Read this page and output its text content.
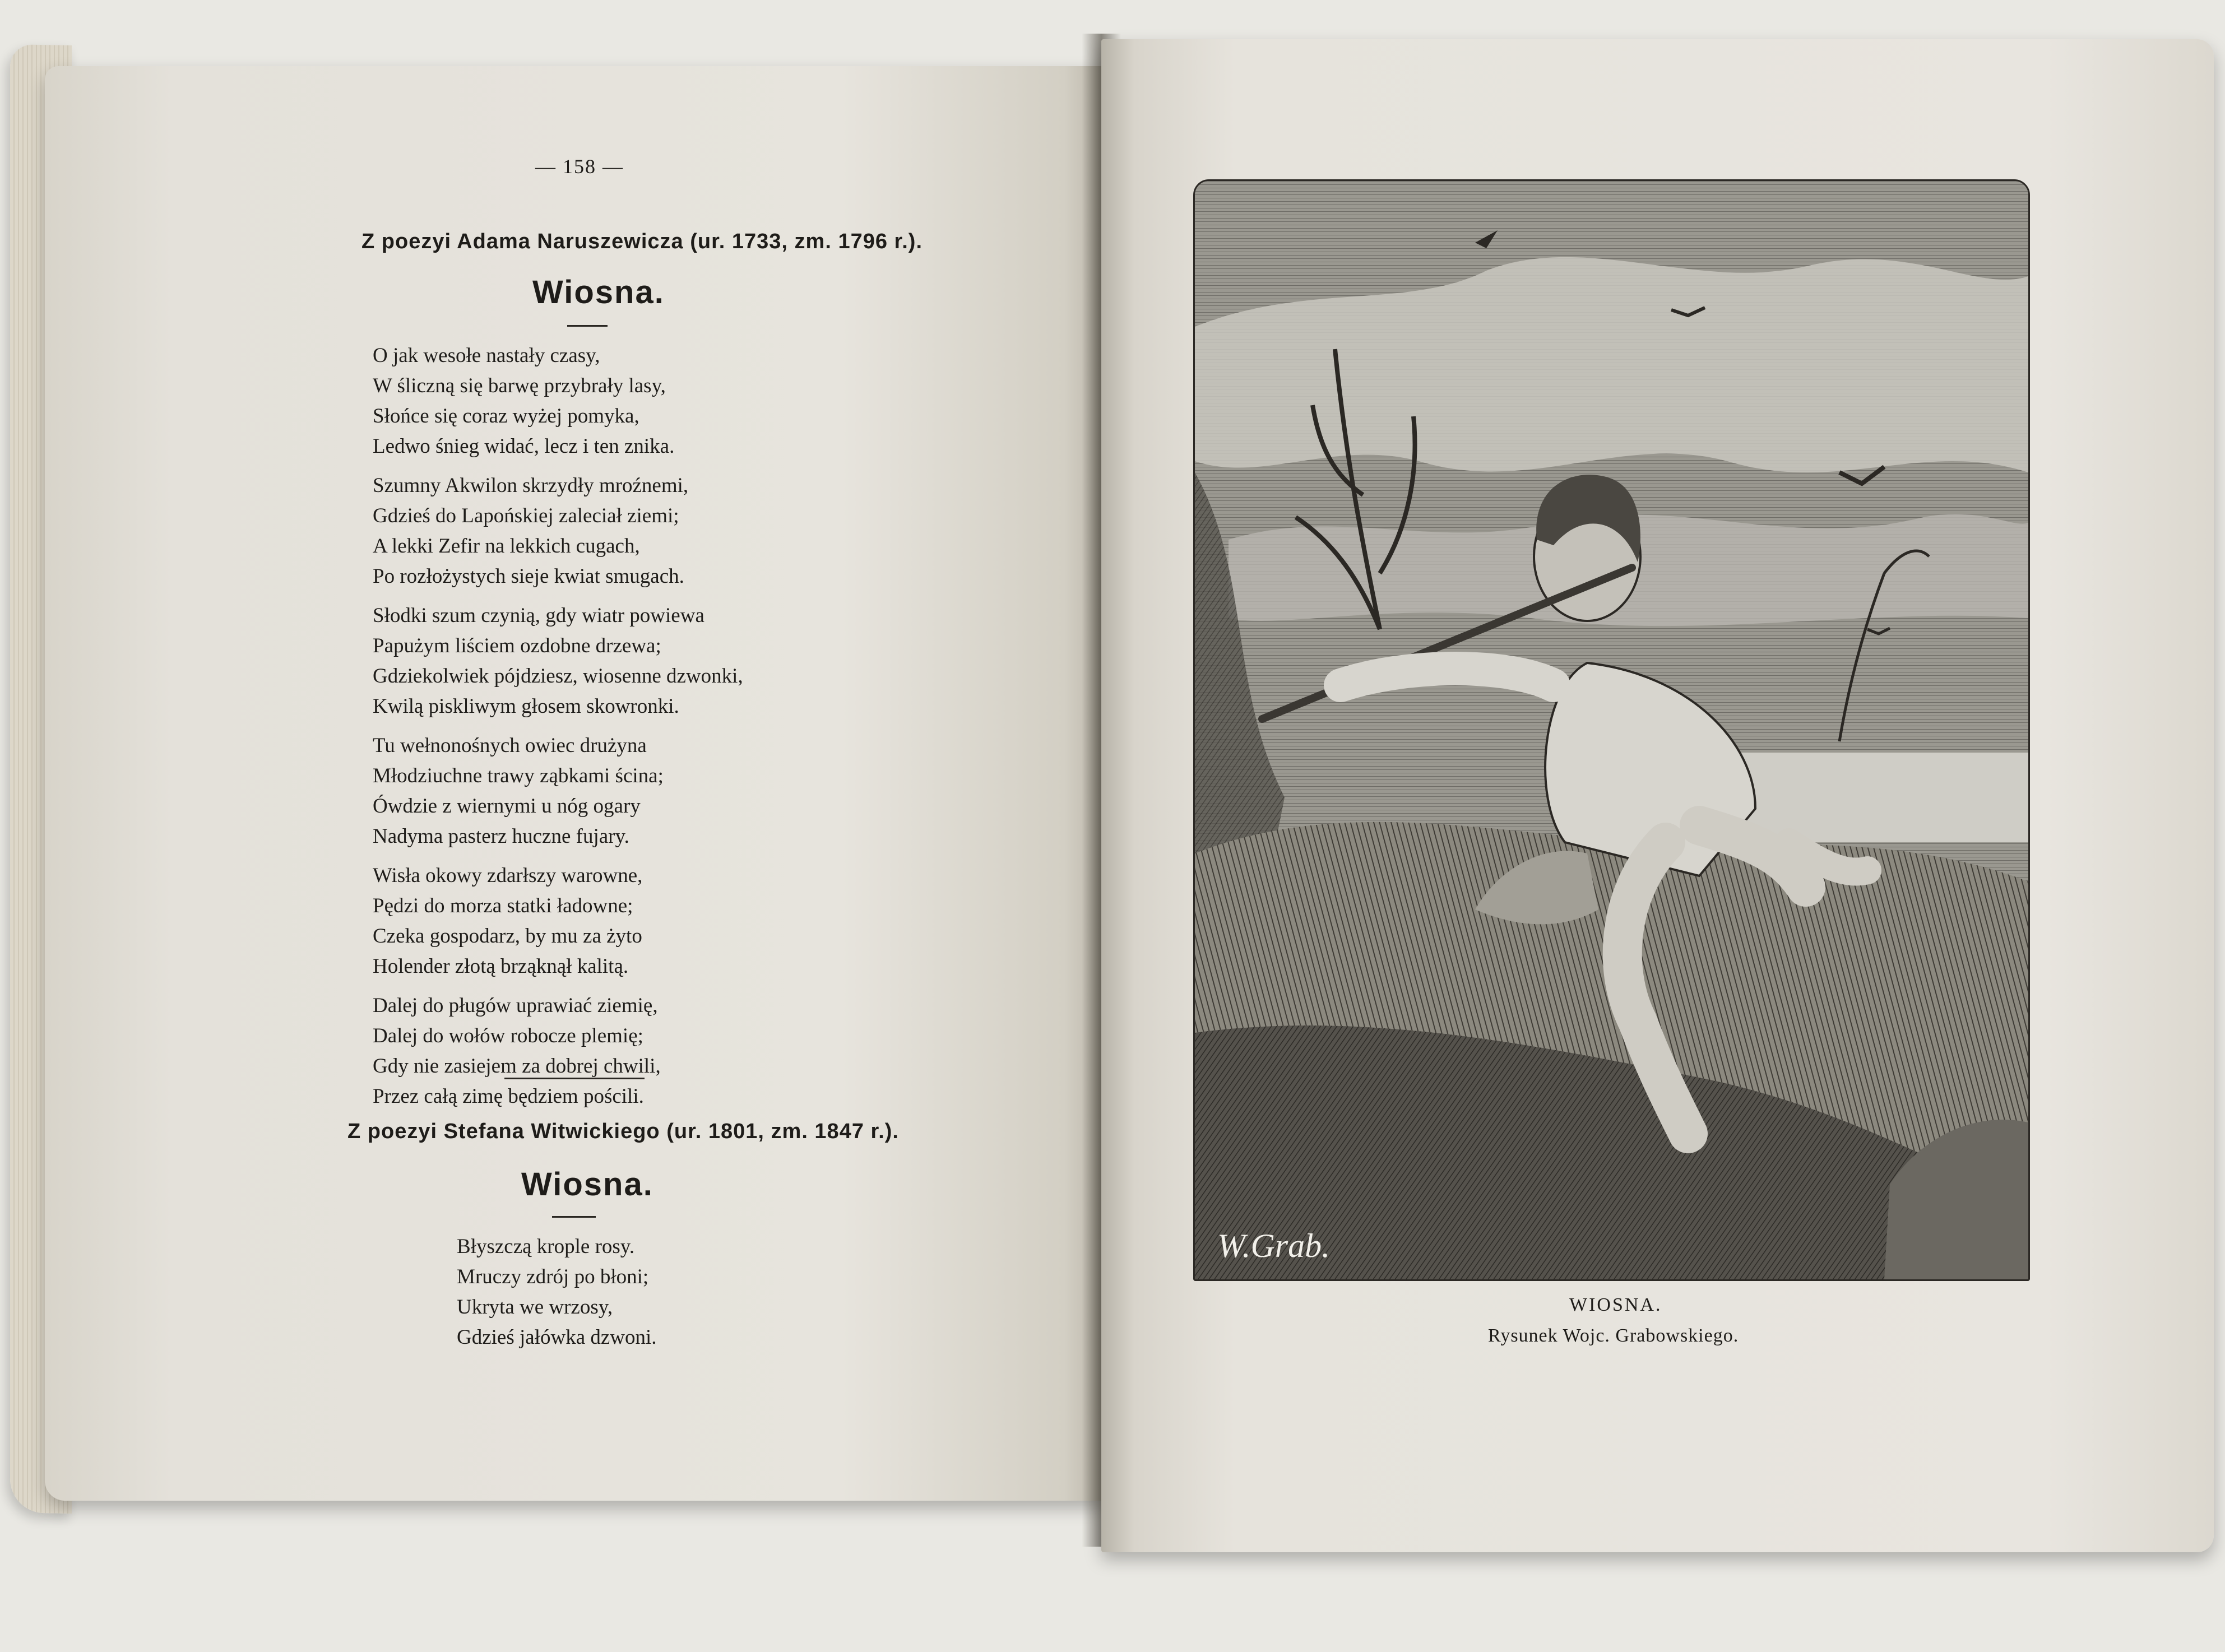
— 158 —
Z poezyi Adama Naruszewicza (ur. 1733, zm. 1796 r.).
Wiosna.

O jak wesołe nastały czasy,

W śliczną się barwę przybrały lasy,

Słońce się coraz wyżej pomyka,

Ledwo śnieg widać, lecz i ten znika.

Szumny Akwilon skrzydły mroźnemi,

Gdzieś do Lapońskiej zaleciał ziemi;

A lekki Zefir na lekkich cugach,

Po rozłożystych sieje kwiat smugach.

Słodki szum czynią, gdy wiatr powiewa

Papużym liściem ozdobne drzewa;

Gdziekolwiek pójdziesz, wiosenne dzwonki,

Kwilą piskliwym głosem skowronki.

Tu wełnonośnych owiec drużyna

Młodziuchne trawy ząbkami ścina;

Ówdzie z wiernymi u nóg ogary

Nadyma pasterz huczne fujary.

Wisła okowy zdarłszy warowne,

Pędzi do morza statki ładowne;

Czeka gospodarz, by mu za żyto

Holender złotą brząknął kalitą.

Dalej do pługów uprawiać ziemię,

Dalej do wołów robocze plemię;

Gdy nie zasiejem za dobrej chwili,

Przez całą zimę będziem pościli.

Z poezyi Stefana Witwickiego (ur. 1801, zm. 1847 r.).
Wiosna.

Błyszczą krople rosy.

Mruczy zdrój po błoni;

Ukryta we wrzosy,

Gdzieś jałówka dzwoni.

W.Grab.
WIOSNA.
Rysunek Wojc. Grabowskiego.
